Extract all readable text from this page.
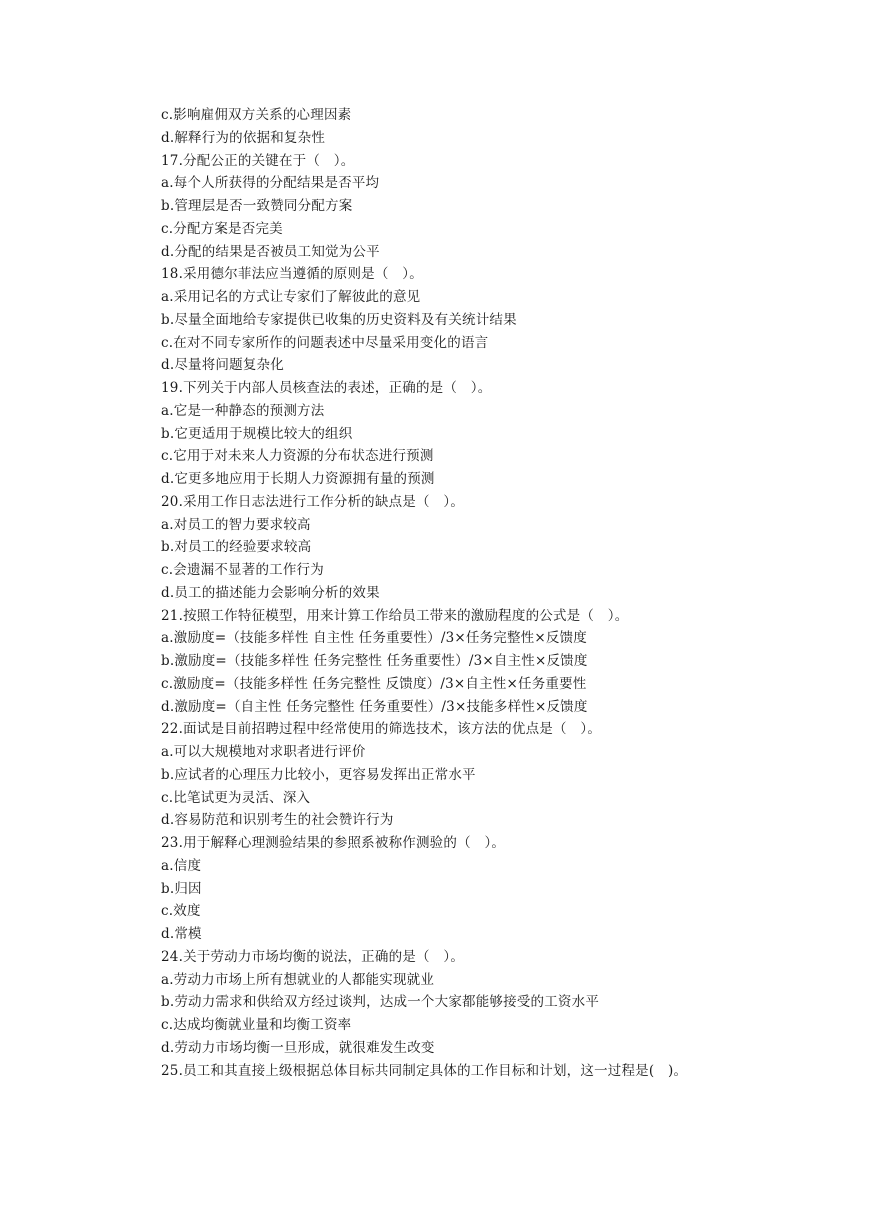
c.影响雇佣双方关系的心理因素
d.解释行为的依据和复杂性
17.分配公正的关键在于（　）。
a.每个人所获得的分配结果是否平均
b.管理层是否一致赞同分配方案
c.分配方案是否完美
d.分配的结果是否被员工知觉为公平
18.采用德尔菲法应当遵循的原则是（　）。
a.采用记名的方式让专家们了解彼此的意见
b.尽量全面地给专家提供已收集的历史资料及有关统计结果
c.在对不同专家所作的问题表述中尽量采用变化的语言
d.尽量将问题复杂化
19.下列关于内部人员核查法的表述，正确的是（　）。
a.它是一种静态的预测方法
b.它更适用于规模比较大的组织
c.它用于对未来人力资源的分布状态进行预测
d.它更多地应用于长期人力资源拥有量的预测
20.采用工作日志法进行工作分析的缺点是（　）。
a.对员工的智力要求较高
b.对员工的经验要求较高
c.会遗漏不显著的工作行为
d.员工的描述能力会影响分析的效果
21.按照工作特征模型，用来计算工作给员工带来的激励程度的公式是（　）。
a.激励度=（技能多样性 自主性 任务重要性）/3×任务完整性×反馈度
b.激励度=（技能多样性 任务完整性 任务重要性）/3×自主性×反馈度
c.激励度=（技能多样性 任务完整性 反馈度）/3×自主性×任务重要性
d.激励度=（自主性 任务完整性 任务重要性）/3×技能多样性×反馈度
22.面试是目前招聘过程中经常使用的筛选技术，该方法的优点是（　）。
a.可以大规模地对求职者进行评价
b.应试者的心理压力比较小，更容易发挥出正常水平
c.比笔试更为灵活、深入
d.容易防范和识别考生的社会赞许行为
23.用于解释心理测验结果的参照系被称作测验的（　）。
a.信度
b.归因
c.效度
d.常模
24.关于劳动力市场均衡的说法，正确的是（　）。
a.劳动力市场上所有想就业的人都能实现就业
b.劳动力需求和供给双方经过谈判，达成一个大家都能够接受的工资水平
c.达成均衡就业量和均衡工资率
d.劳动力市场均衡一旦形成，就很难发生改变
25.员工和其直接上级根据总体目标共同制定具体的工作目标和计划，这一过程是(　)。
